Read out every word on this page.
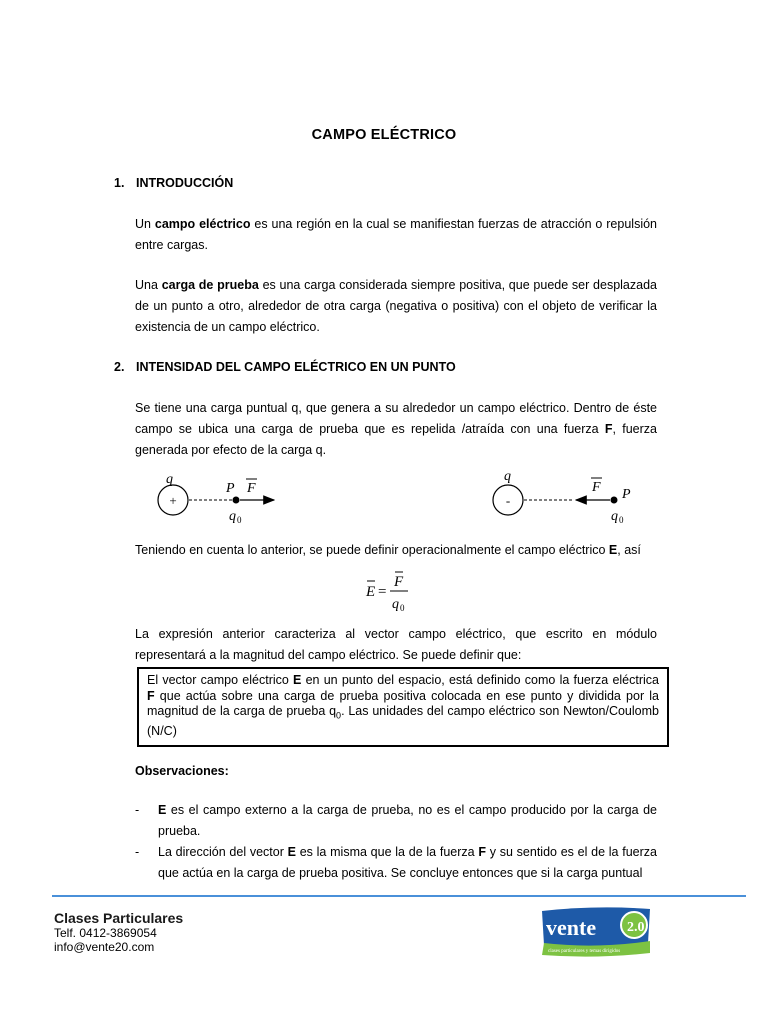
CAMPO ELÉCTRICO
1. INTRODUCCIÓN
Un campo eléctrico es una región en la cual se manifiestan fuerzas de atracción o repulsión entre cargas.
Una carga de prueba es una carga considerada siempre positiva, que puede ser desplazada de un punto a otro, alrededor de otra carga (negativa o positiva) con el objeto de verificar la existencia de un campo eléctrico.
2. INTENSIDAD DEL CAMPO ELÉCTRICO EN UN PUNTO
Se tiene una carga puntual q, que genera a su alrededor un campo eléctrico. Dentro de éste campo se ubica una carga de prueba que es repelida /atraída con una fuerza F, fuerza generada por efecto de la carga q.
q
+
P F
q 0
q
-
F P
q 0
Teniendo en cuenta lo anterior, se puede definir operacionalmente el campo eléctrico E, así
E =
F
q 0
La expresión anterior caracteriza al vector campo eléctrico, que escrito en módulo representará a la magnitud del campo eléctrico. Se puede definir que:
El vector campo eléctrico E en un punto del espacio, está definido como la fuerza eléctrica F que actúa sobre una carga de prueba positiva colocada en ese punto y dividida por la magnitud de la carga de prueba $q_0$. Las unidades del campo eléctrico son Newton/Coulomb (N/C)
Observaciones:
- E es el campo externo a la carga de prueba, no es el campo producido por la carga de prueba.
- La dirección del vector E es la misma que la de la fuerza F y su sentido es el de la fuerza que actúa en la carga de prueba positiva. Se concluye entonces que si la carga puntual
Clases Particulares
Telf. 0412-3869054
info@vente20.com
vente 2.0
clases particulares y temas dirigidos
